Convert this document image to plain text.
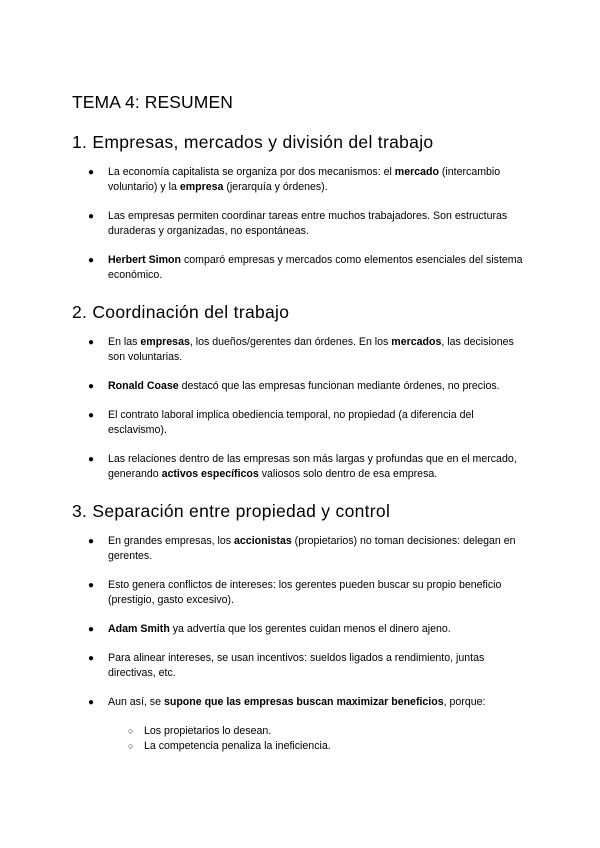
TEMA 4: RESUMEN
1. Empresas, mercados y división del trabajo

● La economía capitalista se organiza por dos mecanismos: el mercado (intercambio voluntario) y la empresa (jerarquía y órdenes).

● Las empresas permiten coordinar tareas entre muchos trabajadores. Son estructuras duraderas y organizadas, no espontáneas.

● Herbert Simon comparó empresas y mercados como elementos esenciales del sistema económico.

2. Coordinación del trabajo

● En las empresas, los dueños/gerentes dan órdenes. En los mercados, las decisiones son voluntarias.

● Ronald Coase destacó que las empresas funcionan mediante órdenes, no precios.

● El contrato laboral implica obediencia temporal, no propiedad (a diferencia del esclavismo).

● Las relaciones dentro de las empresas son más largas y profundas que en el mercado, generando activos específicos valiosos solo dentro de esa empresa.

3. Separación entre propiedad y control

● En grandes empresas, los accionistas (propietarios) no toman decisiones: delegan en gerentes.

● Esto genera conflictos de intereses: los gerentes pueden buscar su propio beneficio (prestigio, gasto excesivo).

● Adam Smith ya advertía que los gerentes cuidan menos el dinero ajeno.

● Para alinear intereses, se usan incentivos: sueldos ligados a rendimiento, juntas directivas, etc.

● Aun así, se supone que las empresas buscan maximizar beneficios, porque:

○ Los propietarios lo desean.

○ La competencia penaliza la ineficiencia.
